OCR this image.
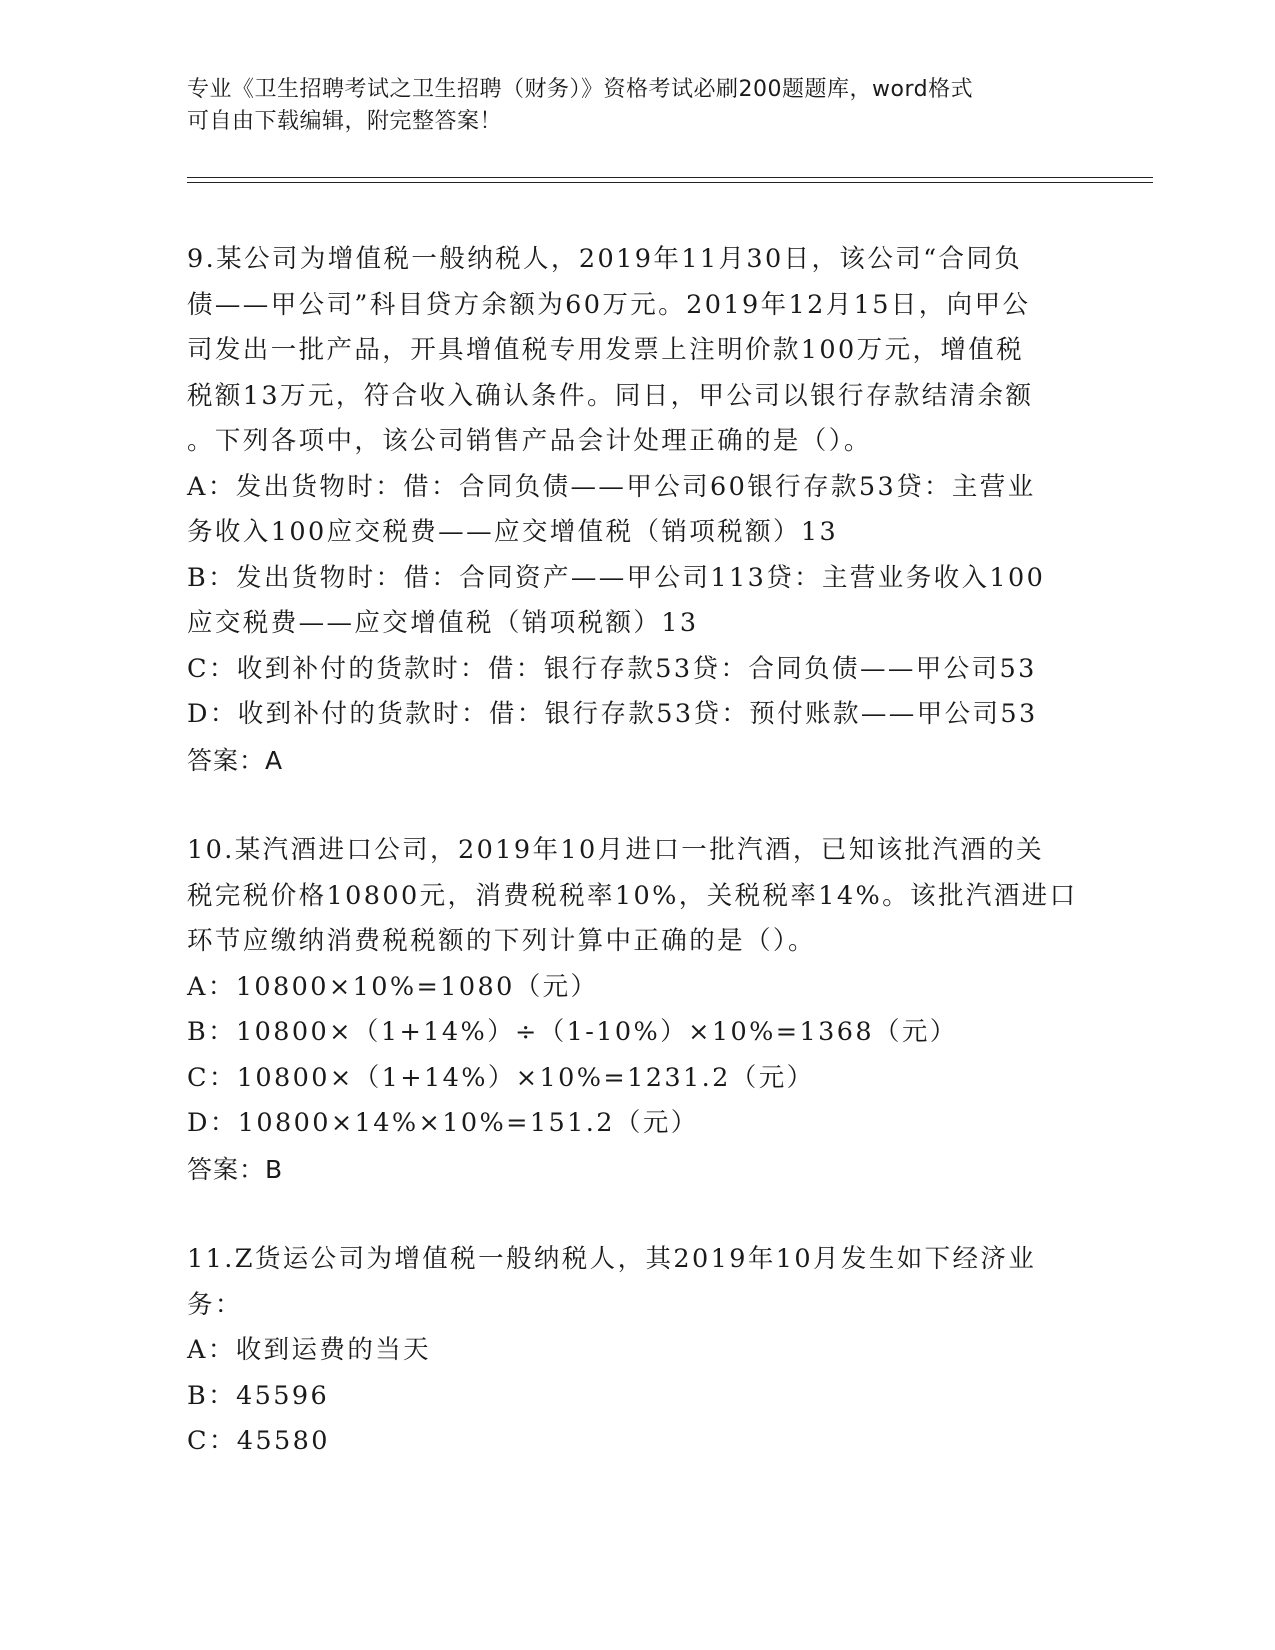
专业《卫生招聘考试之卫生招聘（财务）》资格考试必刷200题题库，word格式
可自由下载编辑，附完整答案！
9.某公司为增值税一般纳税人，2019年11月30日，该公司“合同负
债——甲公司”科目贷方余额为60万元。2019年12月15日，向甲公
司发出一批产品，开具增值税专用发票上注明价款100万元，增值税
税额13万元，符合收入确认条件。同日，甲公司以银行存款结清余额
。下列各项中，该公司销售产品会计处理正确的是（）。
A：发出货物时：借：合同负债——甲公司60银行存款53贷：主营业
务收入100应交税费——应交增值税（销项税额）13
B：发出货物时：借：合同资产——甲公司113贷：主营业务收入100
应交税费——应交增值税（销项税额）13
C：收到补付的货款时：借：银行存款53贷：合同负债——甲公司53
D：收到补付的货款时：借：银行存款53贷：预付账款——甲公司53
答案：A
10.某汽酒进口公司，2019年10月进口一批汽酒，已知该批汽酒的关
税完税价格10800元，消费税税率10%，关税税率14%。该批汽酒进口
环节应缴纳消费税税额的下列计算中正确的是（）。
A：10800×10%=1080（元）
B：10800×（1+14%）÷（1-10%）×10%=1368（元）
C：10800×（1+14%）×10%=1231.2（元）
D：10800×14%×10%=151.2（元）
答案：B
11.Z货运公司为增值税一般纳税人，其2019年10月发生如下经济业
务：
A：收到运费的当天
B：45596
C：45580
